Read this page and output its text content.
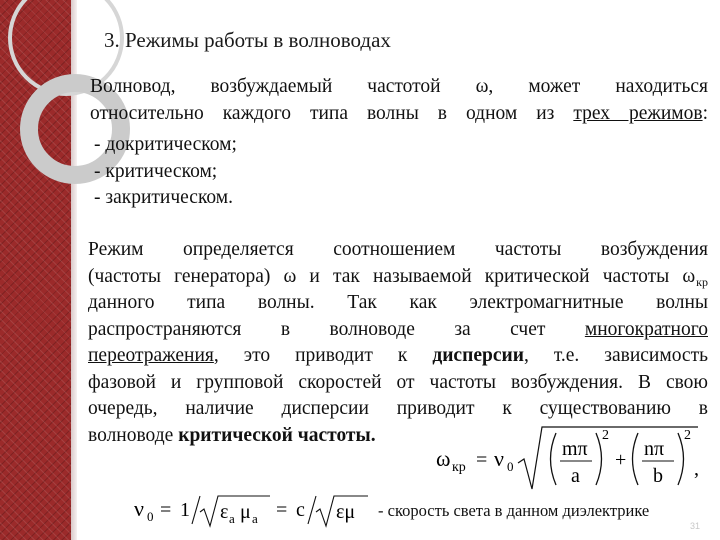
3. Режимы работы в волноводах
Волновод, возбуждаемый частотой ω, может находиться
относительно каждого типа волны в одном из трех режимов:
- докритическом;
- критическом;
- закритическом.
Режим определяется соотношением частоты возбуждения
(частоты генератора) ω и так называемой критической частоты $\omega_{кр}$
данного типа волны. Так как электромагнитные волны
распространяются в волноводе за счет многократного
переотражения, это приводит к дисперсии, т.е. зависимость
фазовой и групповой скоростей от частоты возбуждения. В свою
очередь, наличие дисперсии приводит к существованию в
волноводе критической частоты.
ω кр = ν 0
mπ
a
2
+ nπ
b
2
,
ν 0 = 1 ε a μ a = c εμ - скорость света в данном диэлектрике
31
